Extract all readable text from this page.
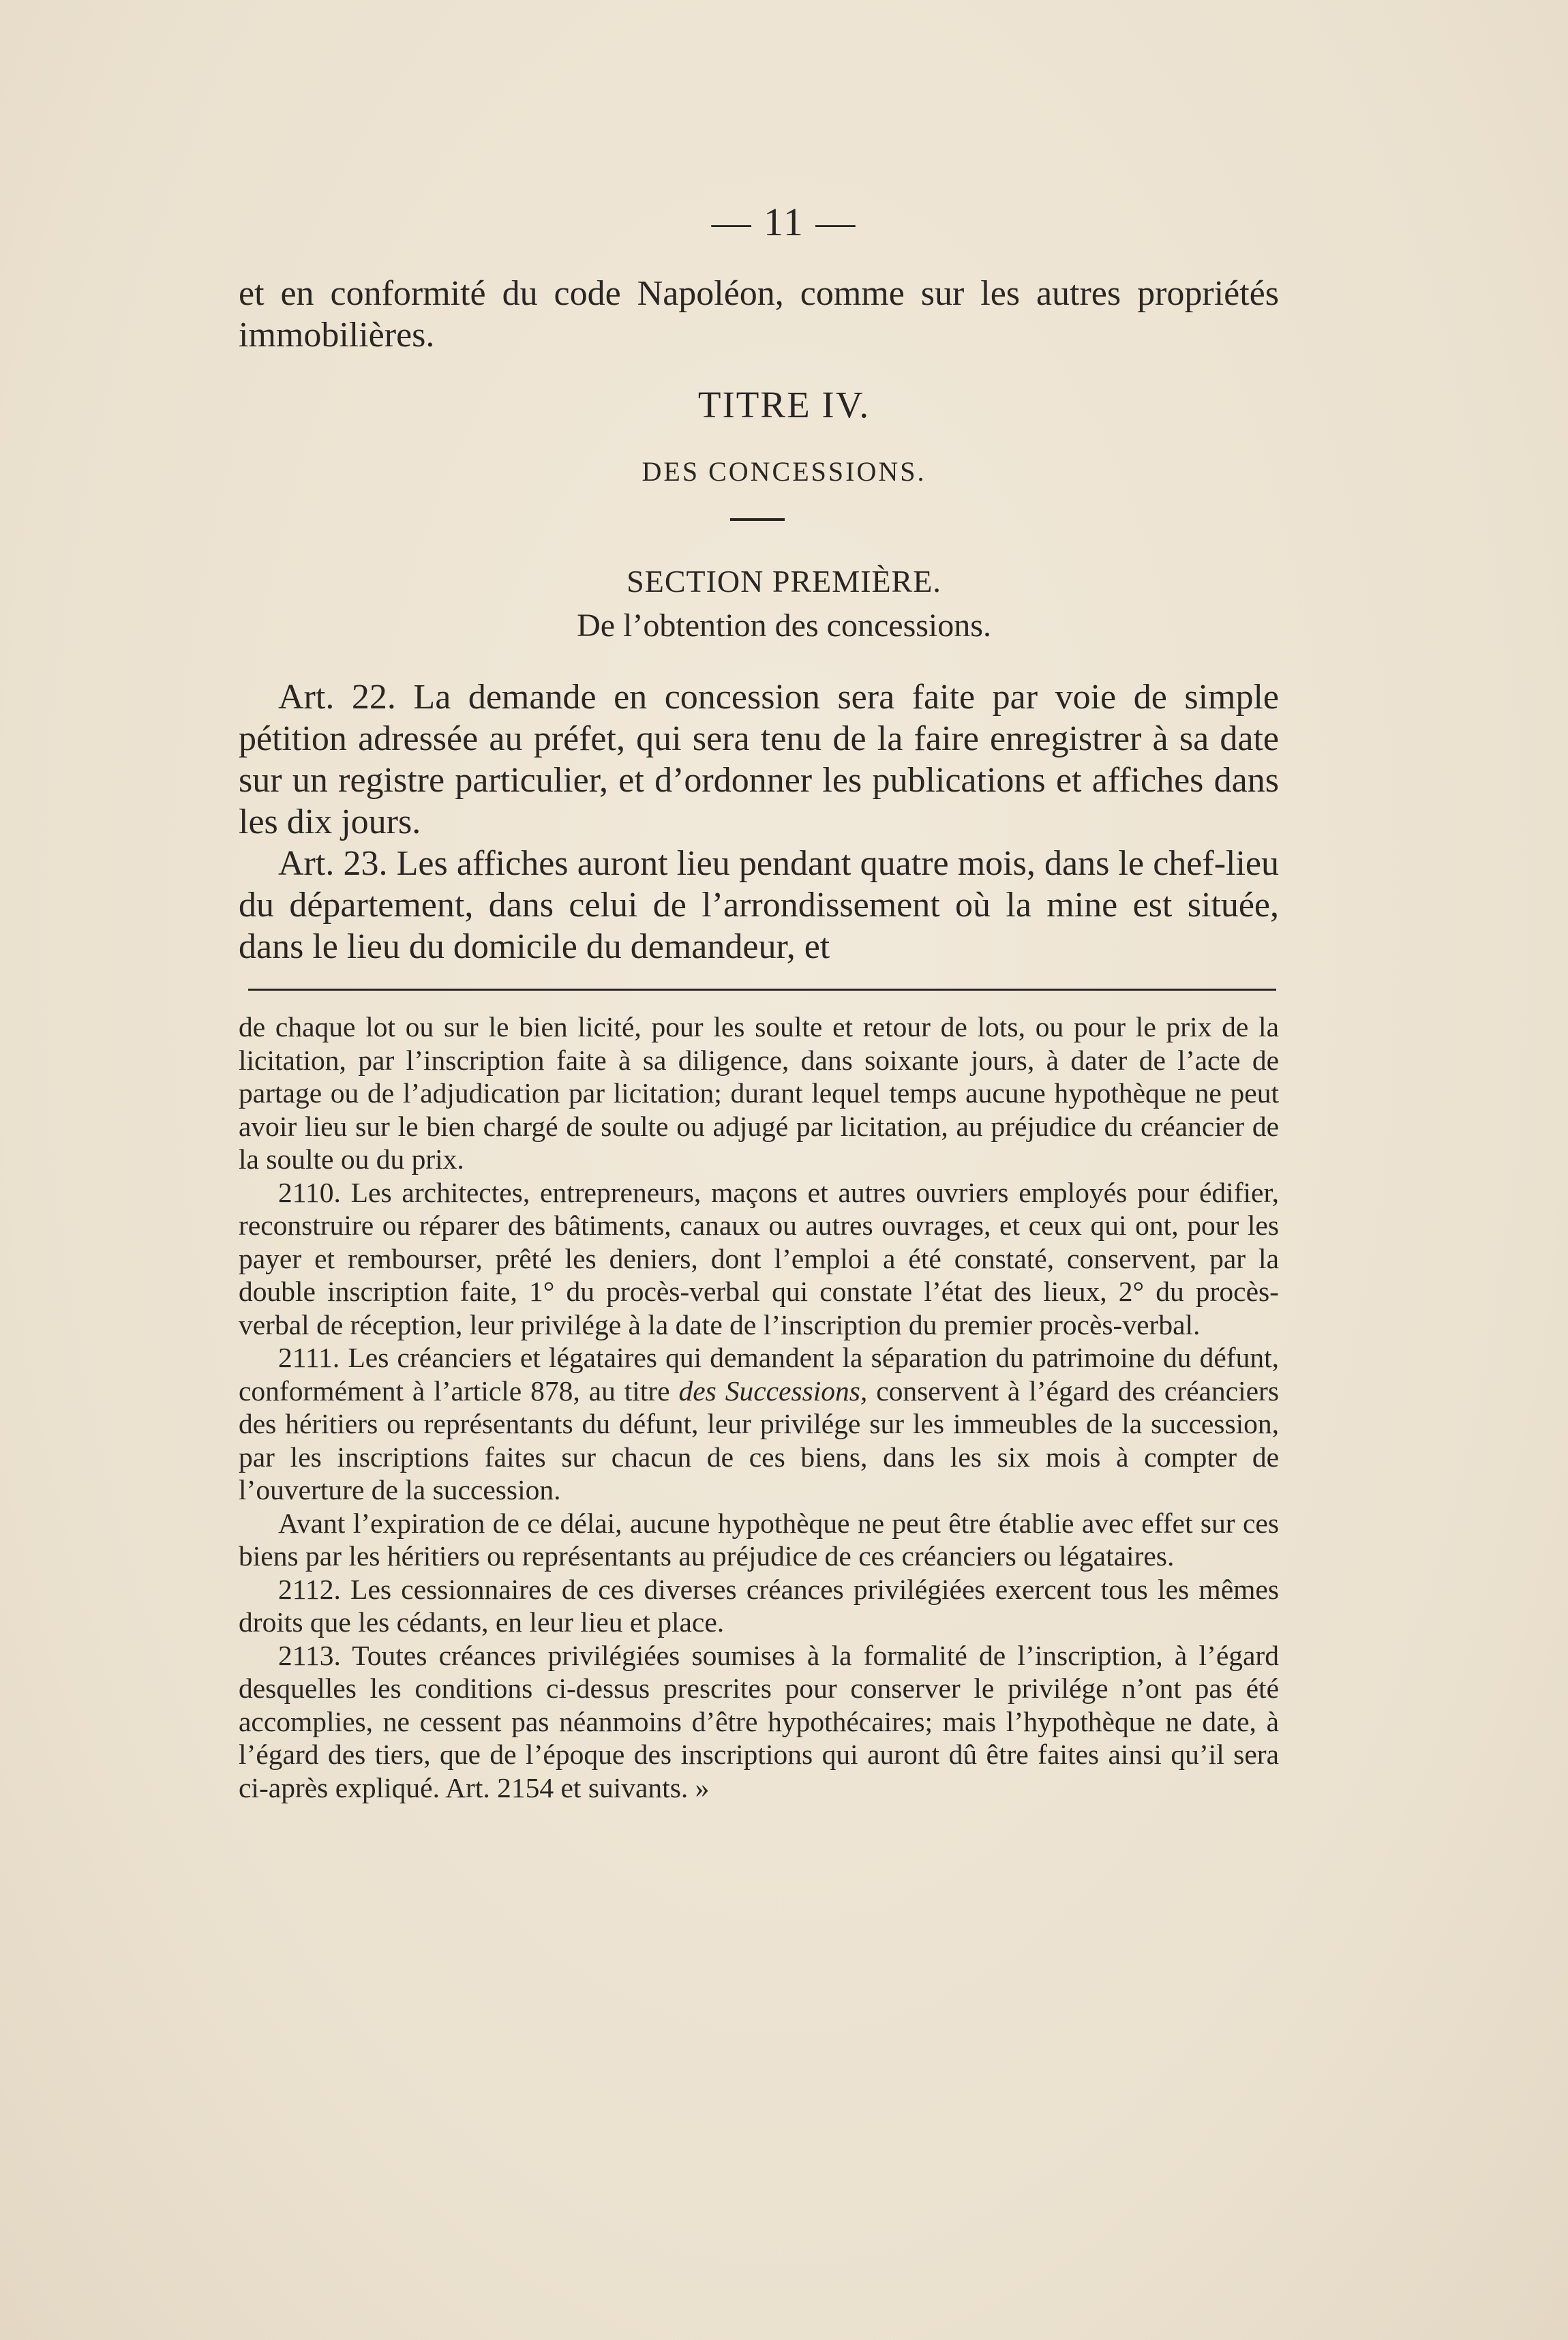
— 11 —

et en conformité du code Napoléon, comme sur les autres propriétés immobilières.

TITRE IV.
DES CONCESSIONS.
SECTION PREMIÈRE.
De l’obtention des concessions.

Art. 22. La demande en concession sera faite par voie de simple pétition adressée au préfet, qui sera tenu de la faire enregistrer à sa date sur un registre particulier, et d’ordonner les publications et affiches dans les dix jours.

Art. 23. Les affiches auront lieu pendant quatre mois, dans le chef-lieu du département, dans celui de l’arrondissement où la mine est située, dans le lieu du domicile du demandeur, et

de chaque lot ou sur le bien licité, pour les soulte et retour de lots, ou pour le prix de la licitation, par l’inscription faite à sa diligence, dans soixante jours, à dater de l’acte de partage ou de l’adjudication par licitation; durant lequel temps aucune hypothèque ne peut avoir lieu sur le bien chargé de soulte ou adjugé par licitation, au préjudice du créancier de la soulte ou du prix.

2110. Les architectes, entrepreneurs, maçons et autres ouvriers employés pour édifier, reconstruire ou réparer des bâtiments, canaux ou autres ouvrages, et ceux qui ont, pour les payer et rembourser, prêté les deniers, dont l’emploi a été constaté, conservent, par la double inscription faite, 1° du procès-verbal qui constate l’état des lieux, 2° du procès-verbal de réception, leur privilége à la date de l’inscription du premier procès-verbal.

2111. Les créanciers et légataires qui demandent la séparation du patrimoine du défunt, conformément à l’article 878, au titre des Successions, conservent à l’égard des créanciers des héritiers ou représentants du défunt, leur privilége sur les immeubles de la succession, par les inscriptions faites sur chacun de ces biens, dans les six mois à compter de l’ouverture de la succession.

Avant l’expiration de ce délai, aucune hypothèque ne peut être établie avec effet sur ces biens par les héritiers ou représentants au préjudice de ces créanciers ou légataires.

2112. Les cessionnaires de ces diverses créances privilégiées exercent tous les mêmes droits que les cédants, en leur lieu et place.

2113. Toutes créances privilégiées soumises à la formalité de l’inscription, à l’égard desquelles les conditions ci-dessus prescrites pour conserver le privilége n’ont pas été accomplies, ne cessent pas néanmoins d’être hypothécaires; mais l’hypothèque ne date, à l’égard des tiers, que de l’époque des inscriptions qui auront dû être faites ainsi qu’il sera ci-après expliqué. Art. 2154 et suivants. »
